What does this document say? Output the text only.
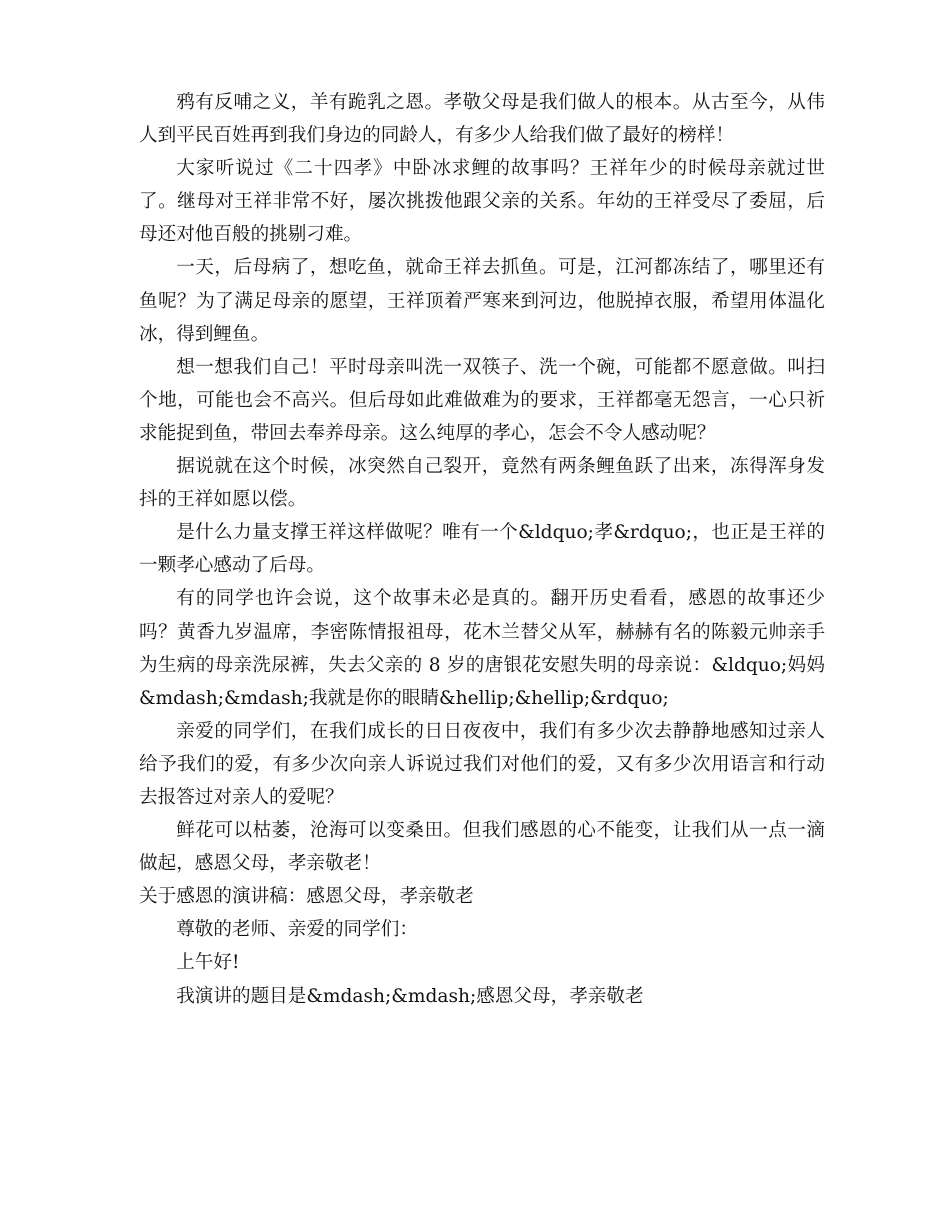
鸦有反哺之义，羊有跪乳之恩。孝敬父母是我们做人的根本。从古至今，从伟人到平民百姓再到我们身边的同龄人，有多少人给我们做了最好的榜样！

大家听说过《二十四孝》中卧冰求鲤的故事吗？王祥年少的时候母亲就过世了。继母对王祥非常不好，屡次挑拨他跟父亲的关系。年幼的王祥受尽了委屈，后母还对他百般的挑剔刁难。

一天，后母病了，想吃鱼，就命王祥去抓鱼。可是，江河都冻结了，哪里还有鱼呢？为了满足母亲的愿望，王祥顶着严寒来到河边，他脱掉衣服，希望用体温化冰，得到鲤鱼。

想一想我们自己！平时母亲叫洗一双筷子、洗一个碗，可能都不愿意做。叫扫个地，可能也会不高兴。但后母如此难做难为的要求，王祥都毫无怨言，一心只祈求能捉到鱼，带回去奉养母亲。这么纯厚的孝心，怎会不令人感动呢？

据说就在这个时候，冰突然自己裂开，竟然有两条鲤鱼跃了出来，冻得浑身发抖的王祥如愿以偿。

是什么力量支撑王祥这样做呢？唯有一个&ldquo;孝&rdquo;，也正是王祥的一颗孝心感动了后母。

有的同学也许会说，这个故事未必是真的。翻开历史看看，感恩的故事还少吗？黄香九岁温席，李密陈情报祖母，花木兰替父从军，赫赫有名的陈毅元帅亲手为生病的母亲洗尿裤，失去父亲的 8 岁的唐银花安慰失明的母亲说：&ldquo;妈妈&mdash;&mdash;我就是你的眼睛&hellip;&hellip;&rdquo;

亲爱的同学们，在我们成长的日日夜夜中，我们有多少次去静静地感知过亲人给予我们的爱，有多少次向亲人诉说过我们对他们的爱，又有多少次用语言和行动去报答过对亲人的爱呢？

鲜花可以枯萎，沧海可以变桑田。但我们感恩的心不能变，让我们从一点一滴做起，感恩父母，孝亲敬老！

关于感恩的演讲稿：感恩父母，孝亲敬老

尊敬的老师、亲爱的同学们：

上午好!

我演讲的题目是&mdash;&mdash;感恩父母，孝亲敬老
